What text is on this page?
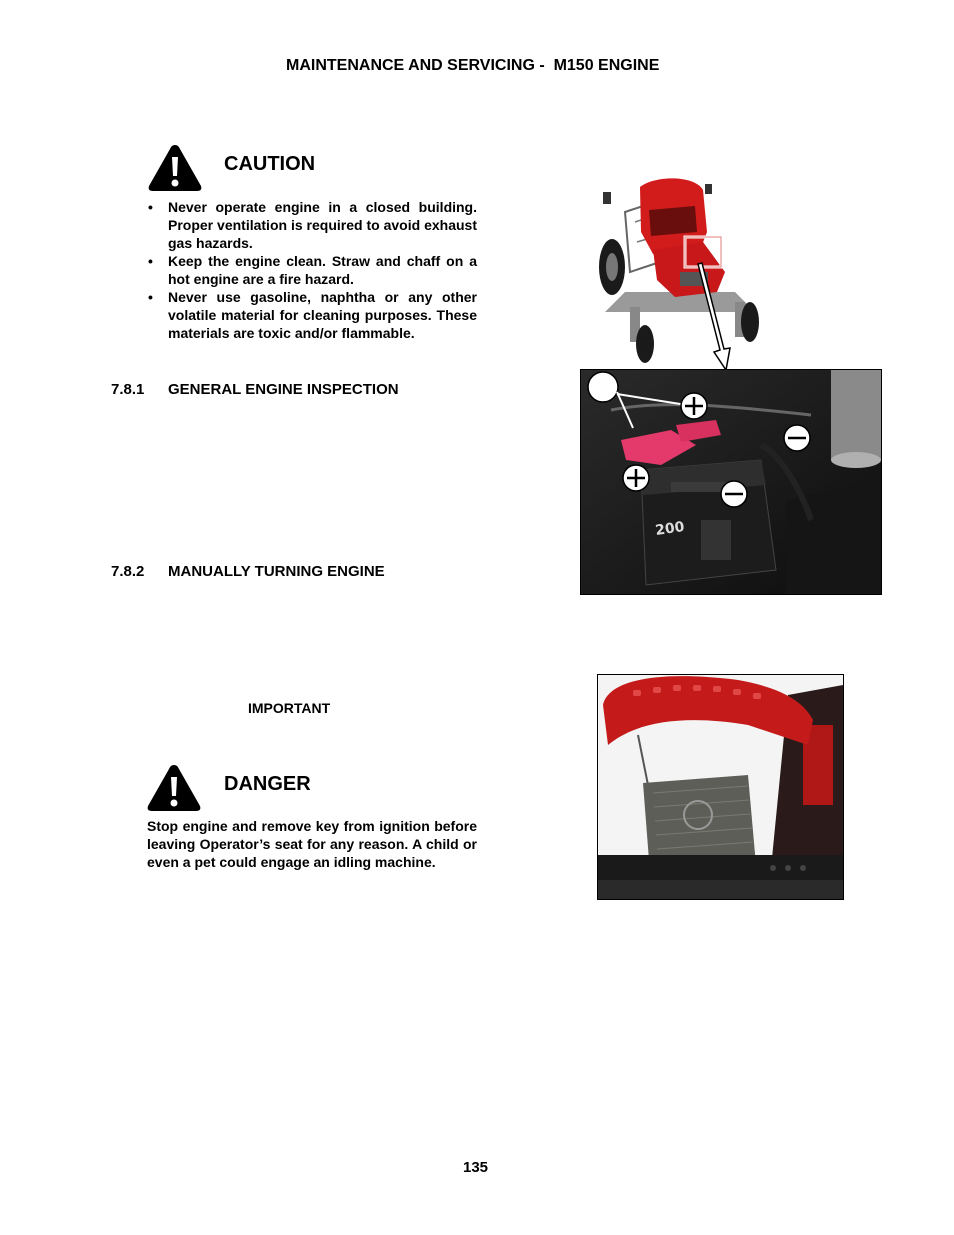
MAINTENANCE AND SERVICING -  M150 ENGINE
CAUTION
• Never operate engine in a closed building. Proper ventilation is required to avoid exhaust gas hazards.
• Keep the engine clean. Straw and chaff on a hot engine are a fire hazard.
• Never use gasoline, naphtha or any other volatile material for cleaning purposes. These materials are toxic and/or flammable.
7.8.1 GENERAL ENGINE INSPECTION
7.8.2 MANUALLY TURNING ENGINE
IMPORTANT
DANGER
Stop engine and remove key from ignition before leaving Operator’s seat for any reason. A child or even a pet could engage an idling machine.
200
135
